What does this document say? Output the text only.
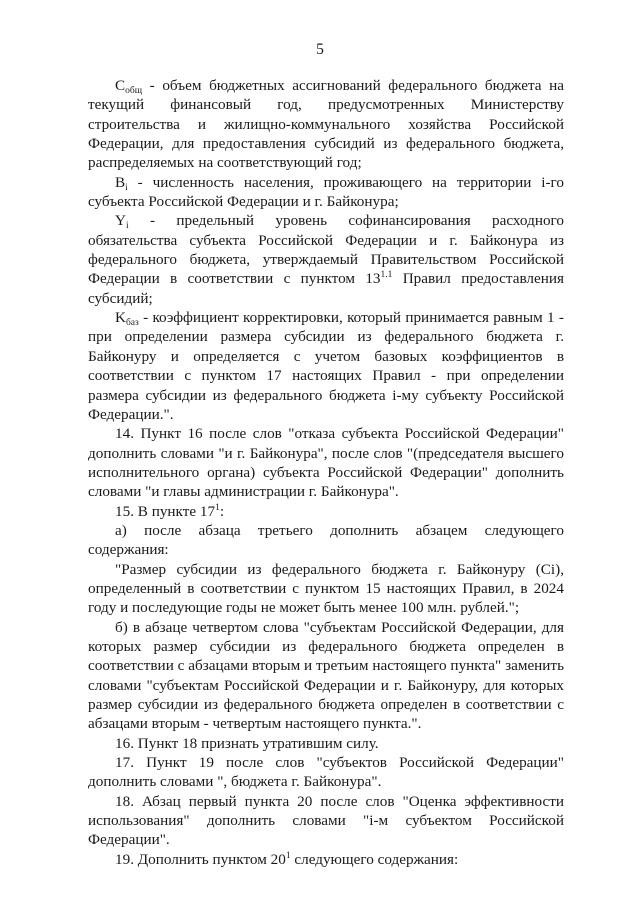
5

$C_{общ}$ - объем бюджетных ассигнований федерального бюджета на текущий финансовый год, предусмотренных Министерству строительства и жилищно-коммунального хозяйства Российской Федерации, для предоставления субсидий из федерального бюджета, распределяемых на соответствующий год;

$B_i$ - численность населения, проживающего на территории i-го субъекта Российской Федерации и г. Байконура;

$Y_i$ - предельный уровень софинансирования расходного обязательства субъекта Российской Федерации и г. Байконура из федерального бюджета, утверждаемый Правительством Российской Федерации в соответствии с пунктом $13^{1.1}$ Правил предоставления субсидий;

$K_{баз}$ - коэффициент корректировки, который принимается равным 1 - при определении размера субсидии из федерального бюджета г. Байконуру и определяется с учетом базовых коэффициентов в соответствии с пунктом 17 настоящих Правил - при определении размера субсидии из федерального бюджета i-му субъекту Российской Федерации.".

14. Пункт 16 после слов "отказа субъекта Российской Федерации" дополнить словами "и г. Байконура", после слов "(председателя высшего исполнительного органа) субъекта Российской Федерации" дополнить словами "и главы администрации г. Байконура".

15. В пункте $17^1$:

а) после абзаца третьего дополнить абзацем следующего содержания:

"Размер субсидии из федерального бюджета г. Байконуру (Ci), определенный в соответствии с пунктом 15 настоящих Правил, в 2024 году и последующие годы не может быть менее 100 млн. рублей.";

б) в абзаце четвертом слова "субъектам Российской Федерации, для которых размер субсидии из федерального бюджета определен в соответствии с абзацами вторым и третьим настоящего пункта" заменить словами "субъектам Российской Федерации и г. Байконуру, для которых размер субсидии из федерального бюджета определен в соответствии с абзацами вторым - четвертым настоящего пункта.".

16. Пункт 18 признать утратившим силу.

17. Пункт 19 после слов "субъектов Российской Федерации" дополнить словами ", бюджета г. Байконура".

18. Абзац первый пункта 20 после слов "Оценка эффективности использования" дополнить словами "i-м субъектом Российской Федерации".

19. Дополнить пунктом $20^1$ следующего содержания:
